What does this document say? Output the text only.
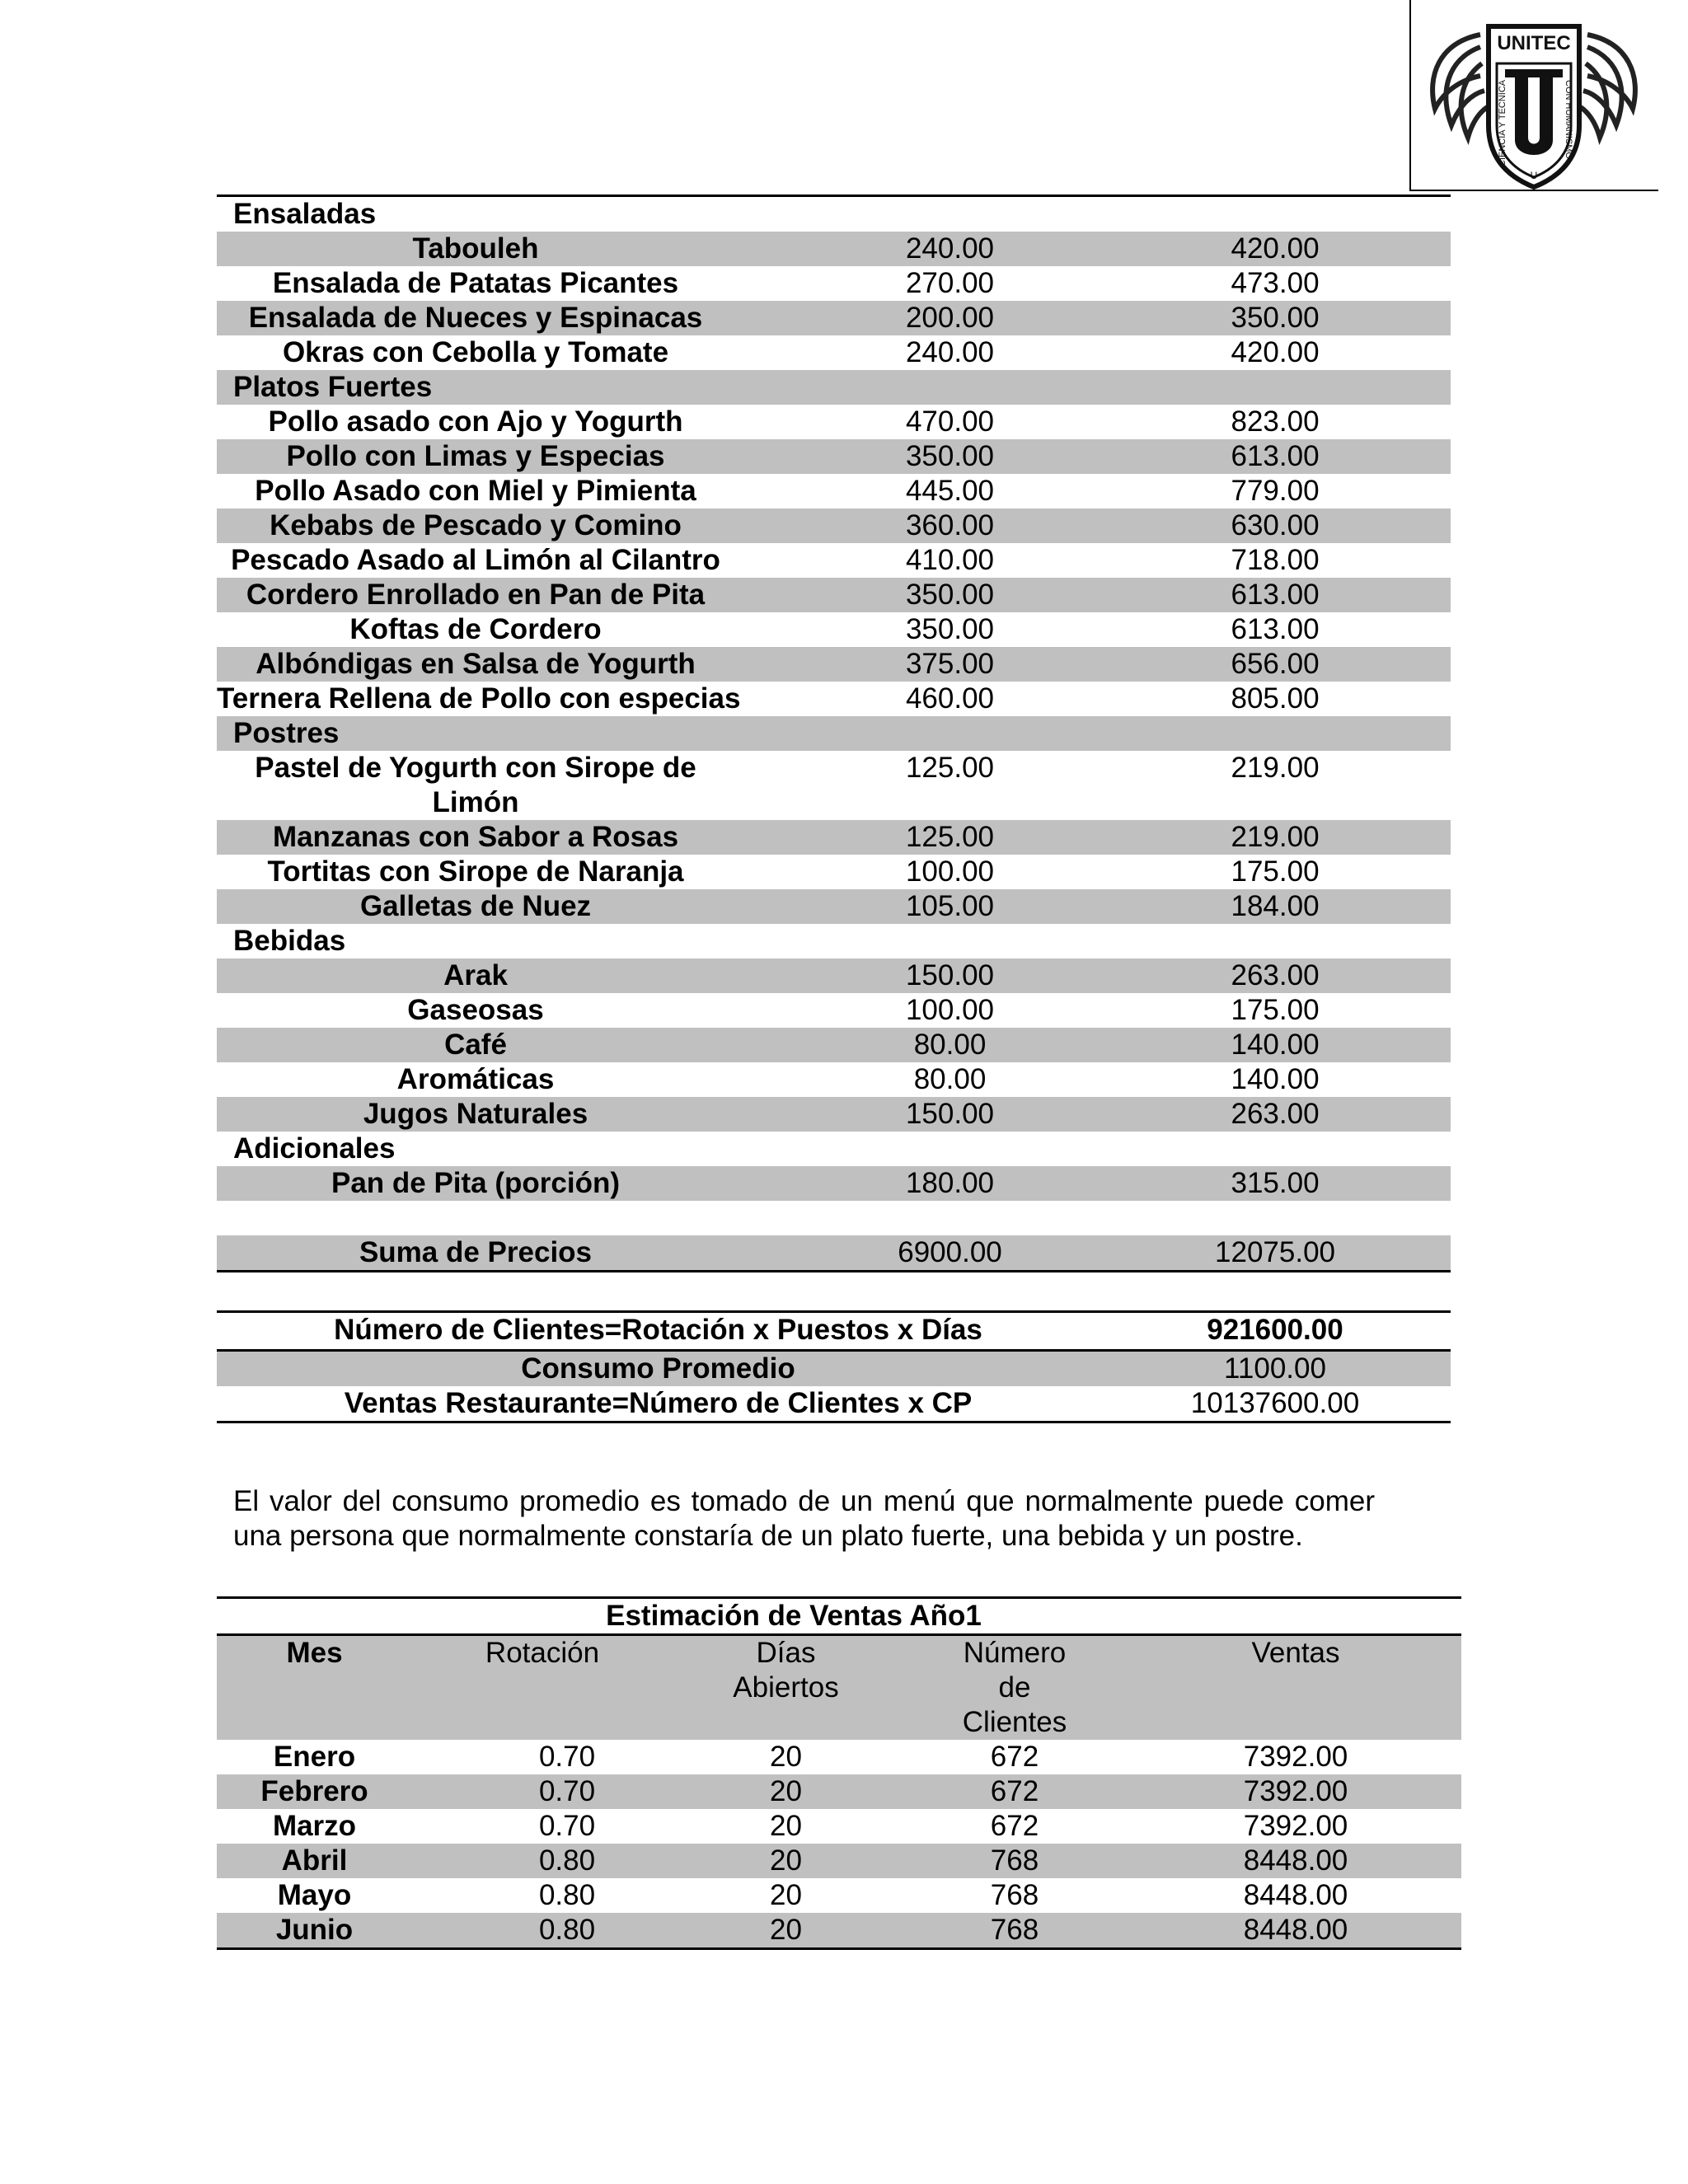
UNITEC
CIENCIA Y TECNICA	CON HUMANISMO
U
Ensaladas		
Tabouleh	240.00	420.00
Ensalada de Patatas Picantes	270.00	473.00
Ensalada de Nueces y Espinacas	200.00	350.00
Okras con Cebolla y Tomate	240.00	420.00
Platos Fuertes		
Pollo asado con Ajo y Yogurth	470.00	823.00
Pollo con Limas y Especias	350.00	613.00
Pollo Asado con Miel y Pimienta	445.00	779.00
Kebabs de Pescado y Comino	360.00	630.00
Pescado Asado al Limón al Cilantro	410.00	718.00
Cordero Enrollado en Pan de Pita	350.00	613.00
Koftas de Cordero	350.00	613.00
Albóndigas en Salsa de Yogurth	375.00	656.00
Ternera Rellena de Pollo con especias	460.00	805.00
Postres		
Pastel de Yogurth con Sirope de Limón	125.00	219.00
Manzanas con Sabor a Rosas	125.00	219.00
Tortitas con Sirope de Naranja	100.00	175.00
Galletas de Nuez	105.00	184.00
Bebidas		
Arak	150.00	263.00
Gaseosas	100.00	175.00
Café	80.00	140.00
Aromáticas	80.00	140.00
Jugos Naturales	150.00	263.00
Adicionales		
Pan de Pita (porción)	180.00	315.00

Suma de Precios	6900.00	12075.00
Número de Clientes=Rotación x Puestos x Días	921600.00
Consumo Promedio	1100.00
Ventas Restaurante=Número de Clientes x CP	10137600.00

El valor del consumo promedio es tomado de un menú que normalmente puede comer una persona que normalmente constaría de un plato fuerte, una bebida y un postre.

Estimación de Ventas Año1				
Mes	Rotación	Días Abiertos	Número de Clientes	Ventas
Enero	0.70	20	672	7392.00
Febrero	0.70	20	672	7392.00
Marzo	0.70	20	672	7392.00
Abril	0.80	20	768	8448.00
Mayo	0.80	20	768	8448.00
Junio	0.80	20	768	8448.00
